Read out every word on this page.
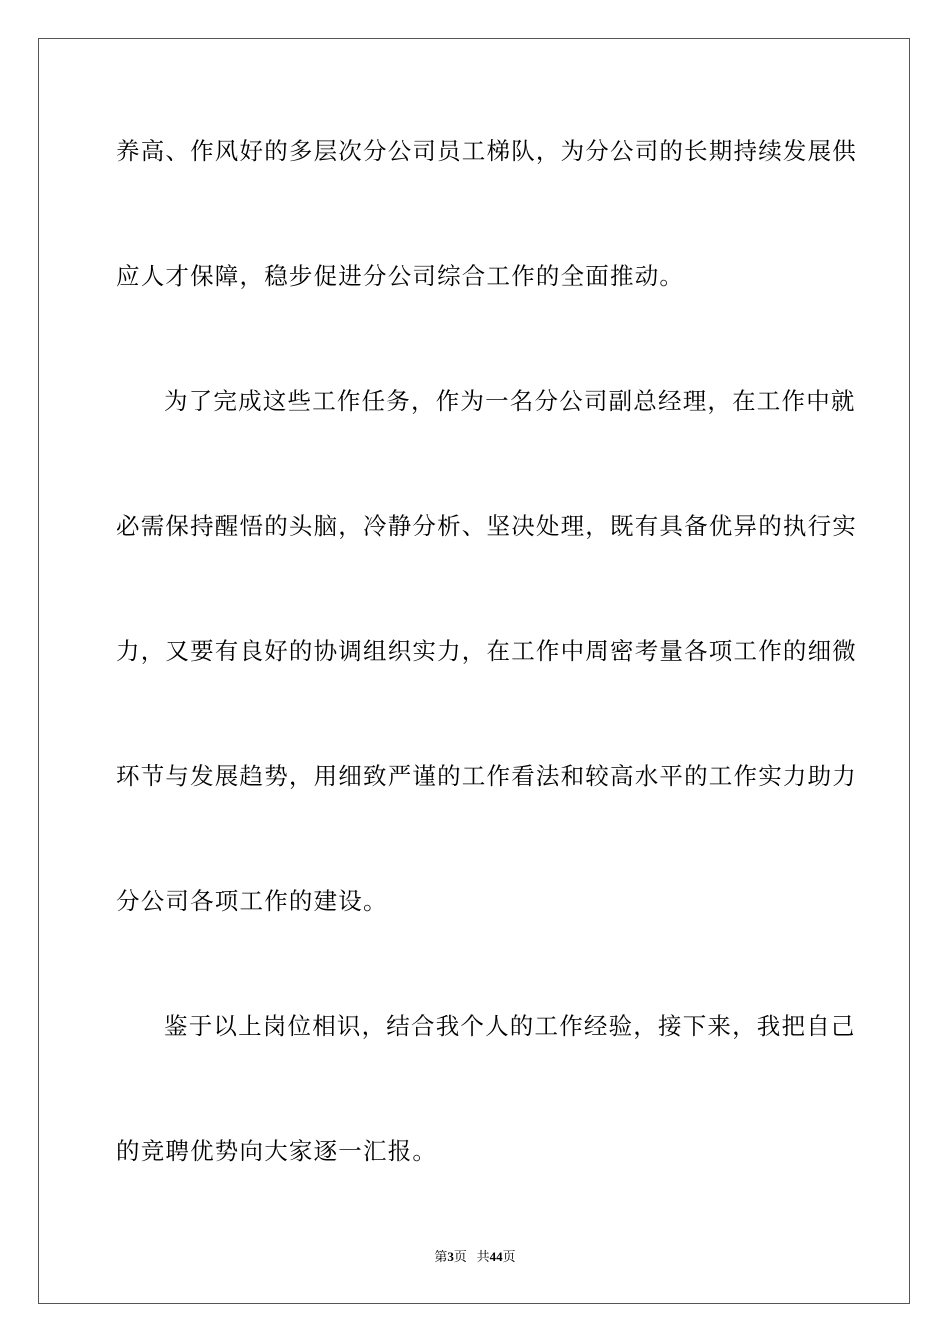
养高、作风好的多层次分公司员工梯队，为分公司的长期持续发展供
应人才保障，稳步促进分公司综合工作的全面推动。
为了完成这些工作任务，作为一名分公司副总经理，在工作中就
必需保持醒悟的头脑，冷静分析、坚决处理，既有具备优异的执行实
力，又要有良好的协调组织实力，在工作中周密考量各项工作的细微
环节与发展趋势，用细致严谨的工作看法和较高水平的工作实力助力
分公司各项工作的建设。
鉴于以上岗位相识，结合我个人的工作经验，接下来，我把自己
的竞聘优势向大家逐一汇报。
第3页 共44页
